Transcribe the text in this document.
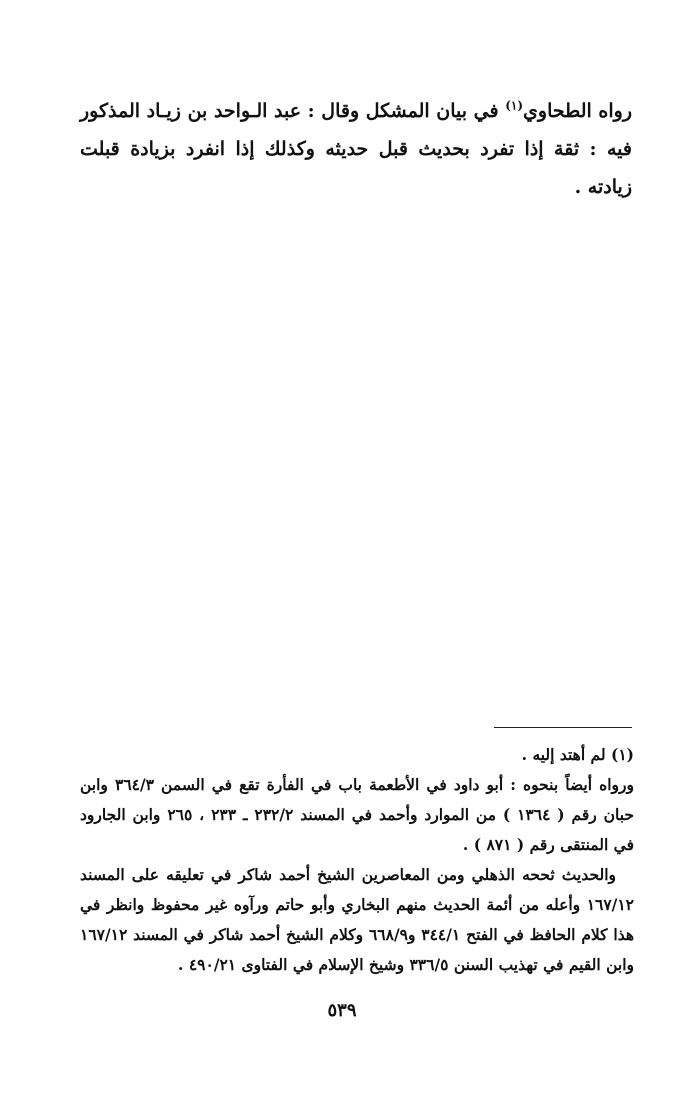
رواه الطحاوي$^{(١)}$ في بيان المشكل وقال : عبد الـواحد بن زيـاد المذكور فيه : ثقة إذا تفرد بحديث قبل حديثه وكذلك إذا انفرد بزيادة قبلت زيادته .

(١) لم أهتد إليه .

ورواه أيضاً بنحوه : أبو داود في الأطعمة باب في الفأرة تقع في السمن ٣٦٤/٣ وابن حبان رقم ( ١٣٦٤ ) من الموارد وأحمد في المسند ٢٣٢/٢ ـ ٢٣٣ ، ٢٦٥ وابن الجارود في المنتقى رقم ( ٨٧١ ) .

والحديث ثححه الذهلي ومن المعاصرين الشيخ أحمد شاكر في تعليقه على المسند ١٦٧/١٢ وأعله من أئمة الحديث منهم البخاري وأبو حاتم ورآوه غير محفوظ وانظر في هذا كلام الحافظ في الفتح ٣٤٤/١ و٦٦٨/٩ وكلام الشيخ أحمد شاكر في المسند ١٦٧/١٢ وابن القيم في تهذيب السنن ٣٣٦/٥ وشيخ الإسلام في الفتاوى ٤٩٠/٢١ .

٥٣٩
